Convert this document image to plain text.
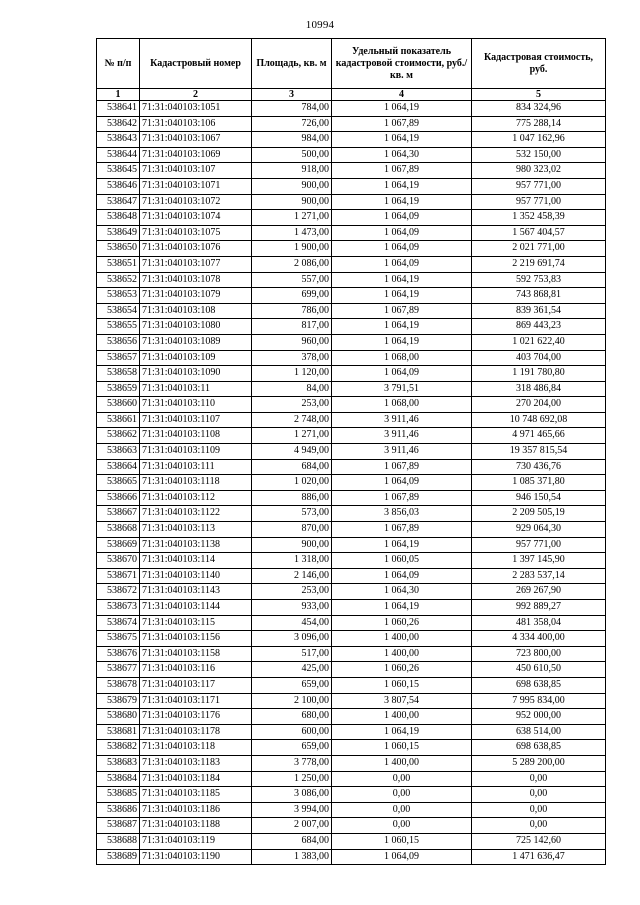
10994
№ п/п	Кадастровый номер	Площадь, кв. м	Удельный показатель кадастровой стоимости, руб./кв. м	Кадастровая стоимость, руб.
1	2	3	4	5
538641	71:31:040103:1051	784,00	1 064,19	834 324,96
538642	71:31:040103:106	726,00	1 067,89	775 288,14
538643	71:31:040103:1067	984,00	1 064,19	1 047 162,96
538644	71:31:040103:1069	500,00	1 064,30	532 150,00
538645	71:31:040103:107	918,00	1 067,89	980 323,02
538646	71:31:040103:1071	900,00	1 064,19	957 771,00
538647	71:31:040103:1072	900,00	1 064,19	957 771,00
538648	71:31:040103:1074	1 271,00	1 064,09	1 352 458,39
538649	71:31:040103:1075	1 473,00	1 064,09	1 567 404,57
538650	71:31:040103:1076	1 900,00	1 064,09	2 021 771,00
538651	71:31:040103:1077	2 086,00	1 064,09	2 219 691,74
538652	71:31:040103:1078	557,00	1 064,19	592 753,83
538653	71:31:040103:1079	699,00	1 064,19	743 868,81
538654	71:31:040103:108	786,00	1 067,89	839 361,54
538655	71:31:040103:1080	817,00	1 064,19	869 443,23
538656	71:31:040103:1089	960,00	1 064,19	1 021 622,40
538657	71:31:040103:109	378,00	1 068,00	403 704,00
538658	71:31:040103:1090	1 120,00	1 064,09	1 191 780,80
538659	71:31:040103:11	84,00	3 791,51	318 486,84
538660	71:31:040103:110	253,00	1 068,00	270 204,00
538661	71:31:040103:1107	2 748,00	3 911,46	10 748 692,08
538662	71:31:040103:1108	1 271,00	3 911,46	4 971 465,66
538663	71:31:040103:1109	4 949,00	3 911,46	19 357 815,54
538664	71:31:040103:111	684,00	1 067,89	730 436,76
538665	71:31:040103:1118	1 020,00	1 064,09	1 085 371,80
538666	71:31:040103:112	886,00	1 067,89	946 150,54
538667	71:31:040103:1122	573,00	3 856,03	2 209 505,19
538668	71:31:040103:113	870,00	1 067,89	929 064,30
538669	71:31:040103:1138	900,00	1 064,19	957 771,00
538670	71:31:040103:114	1 318,00	1 060,05	1 397 145,90
538671	71:31:040103:1140	2 146,00	1 064,09	2 283 537,14
538672	71:31:040103:1143	253,00	1 064,30	269 267,90
538673	71:31:040103:1144	933,00	1 064,19	992 889,27
538674	71:31:040103:115	454,00	1 060,26	481 358,04
538675	71:31:040103:1156	3 096,00	1 400,00	4 334 400,00
538676	71:31:040103:1158	517,00	1 400,00	723 800,00
538677	71:31:040103:116	425,00	1 060,26	450 610,50
538678	71:31:040103:117	659,00	1 060,15	698 638,85
538679	71:31:040103:1171	2 100,00	3 807,54	7 995 834,00
538680	71:31:040103:1176	680,00	1 400,00	952 000,00
538681	71:31:040103:1178	600,00	1 064,19	638 514,00
538682	71:31:040103:118	659,00	1 060,15	698 638,85
538683	71:31:040103:1183	3 778,00	1 400,00	5 289 200,00
538684	71:31:040103:1184	1 250,00	0,00	0,00
538685	71:31:040103:1185	3 086,00	0,00	0,00
538686	71:31:040103:1186	3 994,00	0,00	0,00
538687	71:31:040103:1188	2 007,00	0,00	0,00
538688	71:31:040103:119	684,00	1 060,15	725 142,60
538689	71:31:040103:1190	1 383,00	1 064,09	1 471 636,47
